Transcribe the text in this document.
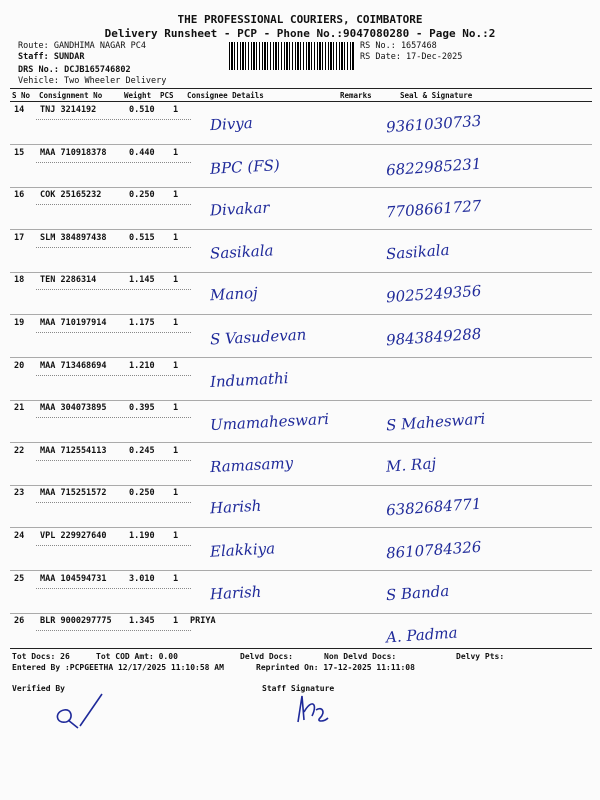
THE PROFESSIONAL COURIERS, COIMBATORE
Delivery Runsheet - PCP - Phone No.:9047080280 - Page No.:2
Route: GANDHIMA NAGAR PC4
Staff: SUNDAR
DRS No.: DCJB165746802
Vehicle: Two Wheeler Delivery
RS No.: 1657468
RS Date: 17-Dec-2025
S No Consignment No	Weight PCS Consignee Details	Remarks	Seal & Signature
14 TNJ 3214192	0.510 1
Divya	9361030733
15 MAA 710918378	0.440 1
BPC (FS)	6822985231
16 COK 25165232	0.250 1
Divakar	7708661727
17 SLM 384897438	0.515 1
Sasikala	Sasikala
18 TEN 2286314	1.145 1
Manoj	9025249356
19 MAA 710197914	1.175 1
S Vasudevan	9843849288
20 MAA 713468694	1.210 1
Indumathi
21 MAA 304073895	0.395 1
Umamaheswari	S Maheswari
22 MAA 712554113	0.245 1
Ramasamy	M. Raj
23 MAA 715251572	0.250 1
Harish	6382684771
24 VPL 229927640	1.190 1
Elakkiya	8610784326
25 MAA 104594731	3.010 1
Harish	S Banda
26 BLR 9000297775 1.345 1 PRIYA
A. Padma
Tot Docs: 26	Tot COD Amt: 0.00	Delvd Docs:	Non Delvd Docs:	Delvy Pts:
Entered By :PCPGEETHA 12/17/2025 11:10:58 AM	Reprinted On: 17-12-2025 11:11:08
Verified By	Staff Signature
